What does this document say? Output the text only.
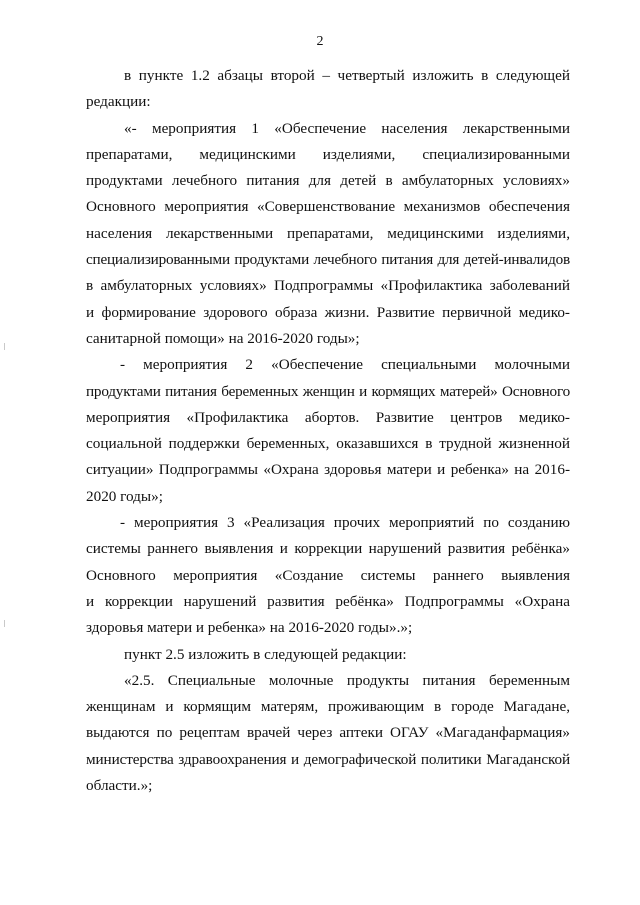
2
в пункте 1.2 абзацы второй – четвертый изложить в следующей
редакции:
«- мероприятия 1 «Обеспечение населения лекарственными
препаратами, медицинскими изделиями, специализированными
продуктами лечебного питания для детей в амбулаторных условиях»
Основного мероприятия «Совершенствование механизмов обеспечения
населения лекарственными препаратами, медицинскими изделиями,
специализированными продуктами лечебного питания для детей-инвалидов
в амбулаторных условиях» Подпрограммы «Профилактика заболеваний
и формирование здорового образа жизни. Развитие первичной медико-
санитарной помощи» на 2016-2020 годы»;
- мероприятия 2 «Обеспечение специальными молочными
продуктами питания беременных женщин и кормящих матерей» Основного
мероприятия «Профилактика абортов. Развитие центров медико-
социальной поддержки беременных, оказавшихся в трудной жизненной
ситуации» Подпрограммы «Охрана здоровья матери и ребенка» на 2016-
2020 годы»;
- мероприятия 3 «Реализация прочих мероприятий по созданию
системы раннего выявления и коррекции нарушений развития ребёнка»
Основного мероприятия «Создание системы раннего выявления
и коррекции нарушений развития ребёнка» Подпрограммы «Охрана
здоровья матери и ребенка» на 2016-2020 годы».»;
пункт 2.5 изложить в следующей редакции:
«2.5. Специальные молочные продукты питания беременным
женщинам и кормящим матерям, проживающим в городе Магадане,
выдаются по рецептам врачей через аптеки ОГАУ «Магаданфармация»
министерства здравоохранения и демографической политики Магаданской
области.»;
